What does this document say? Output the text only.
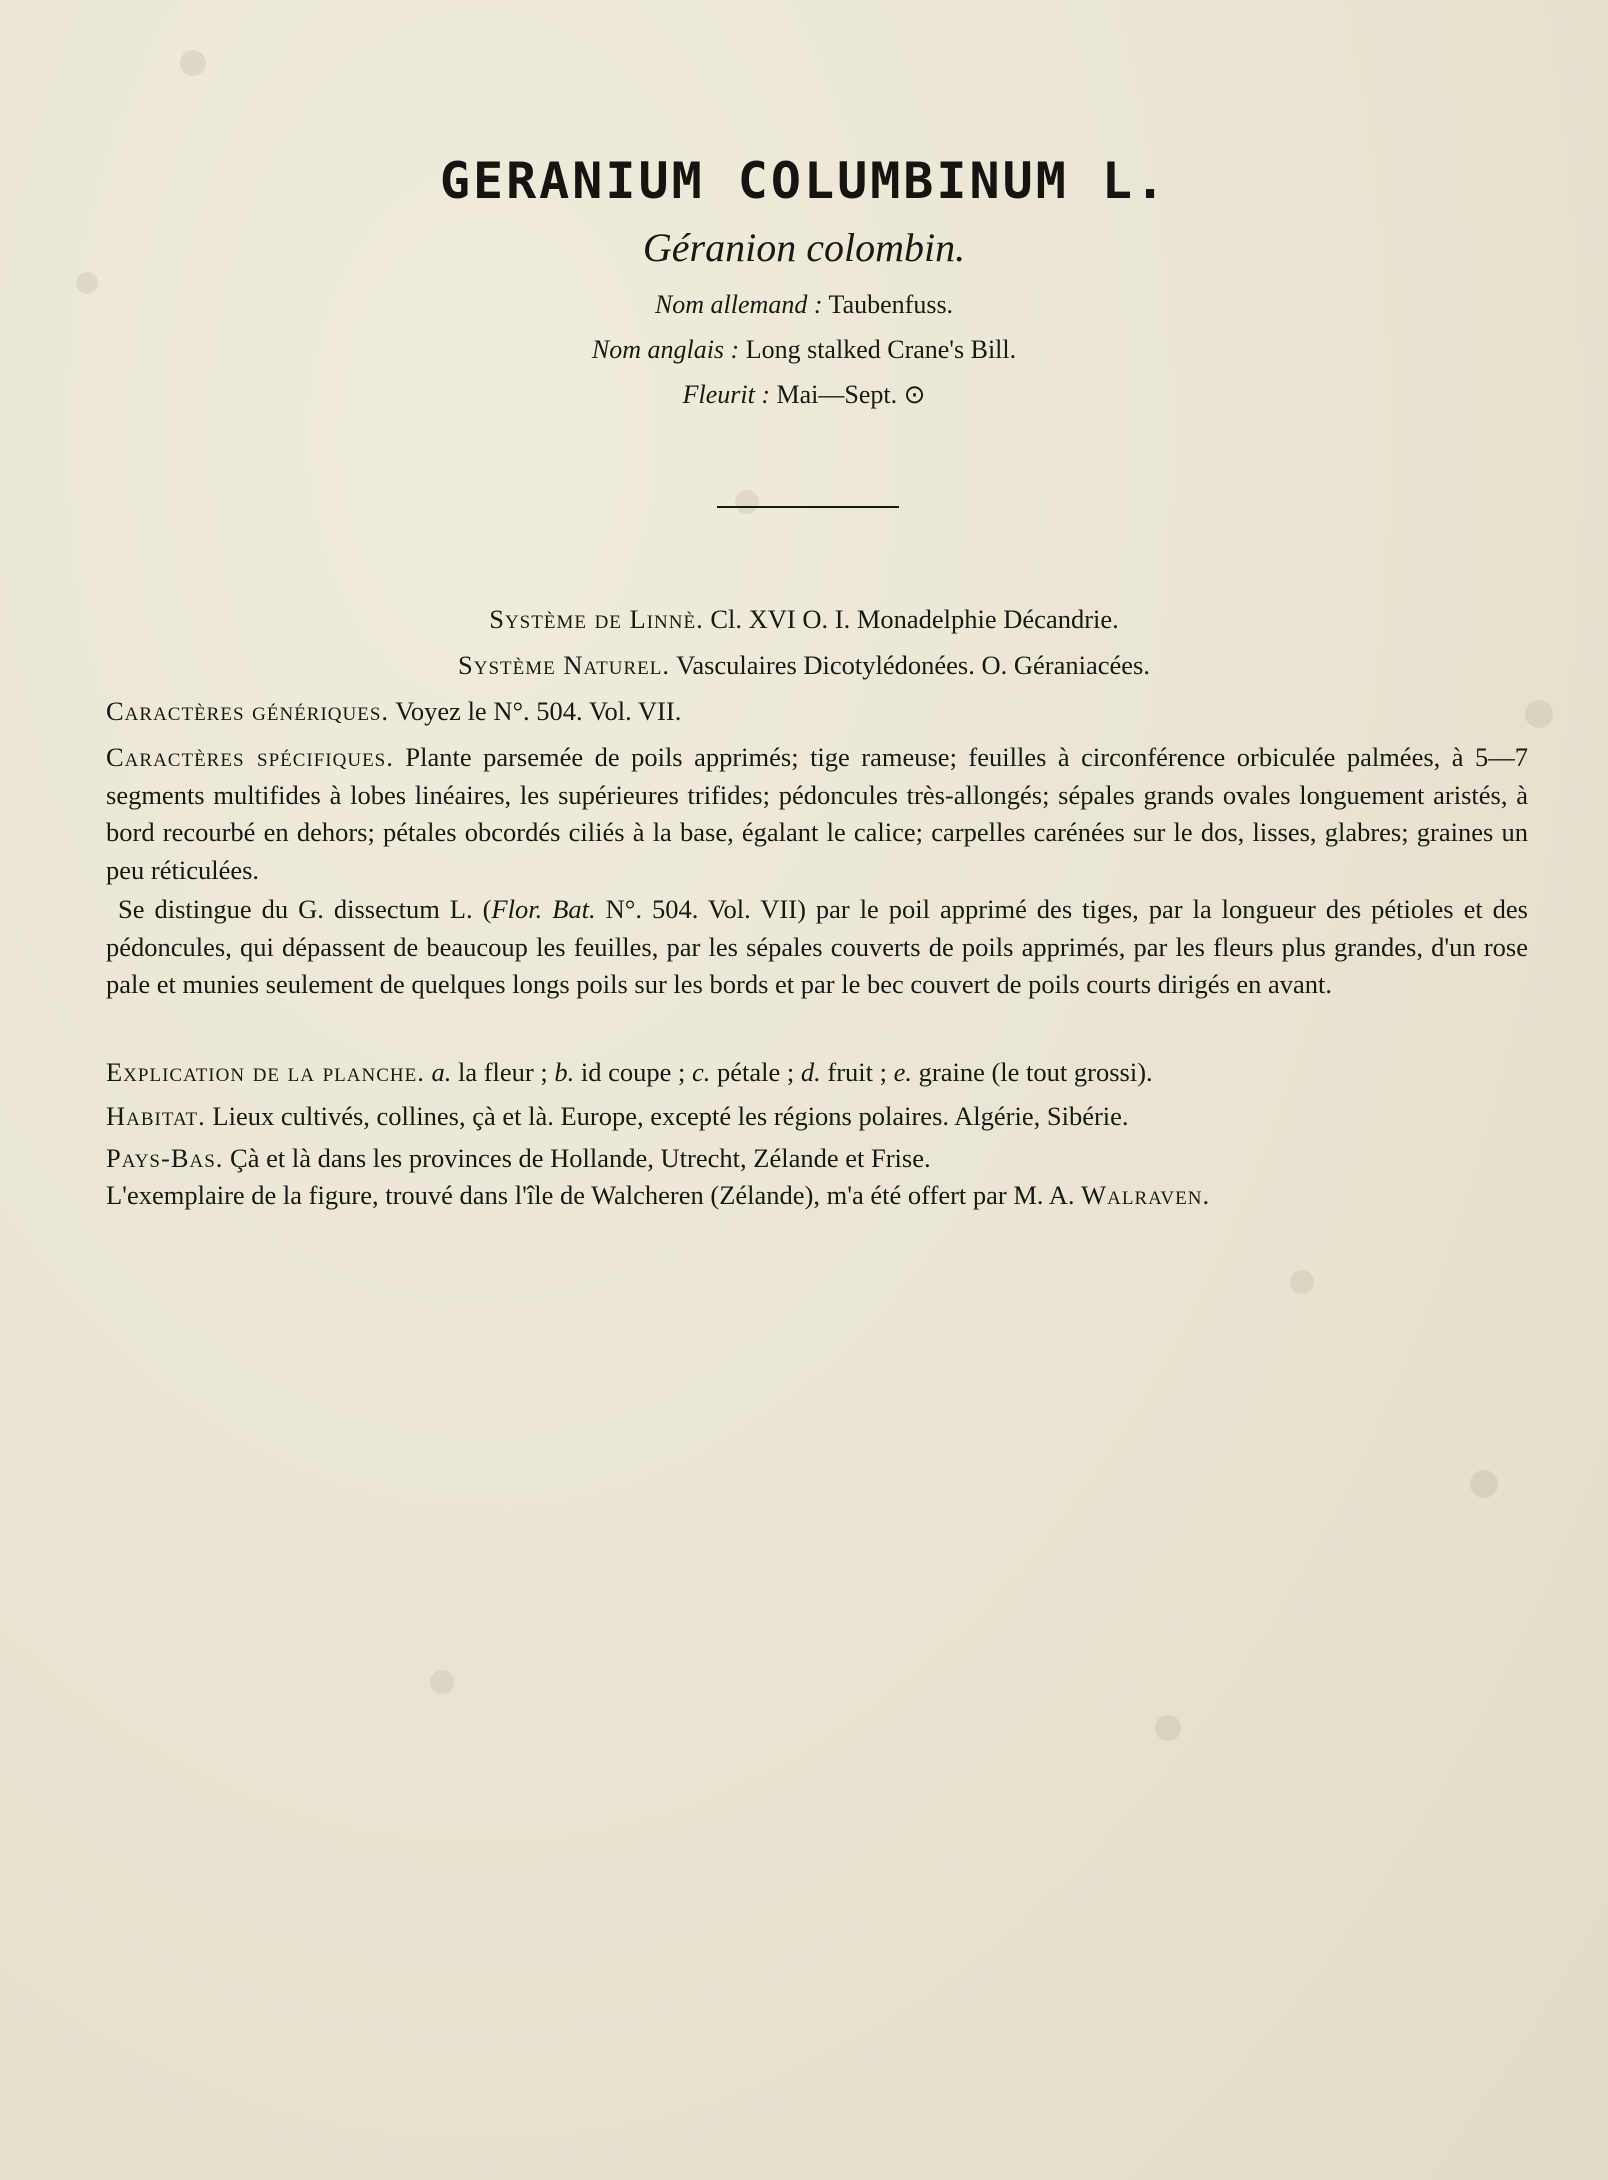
GERANIUM COLUMBINUM L.
Géranion colombin.
Nom allemand : Taubenfuss.
Nom anglais : Long stalked Crane's Bill.
Fleurit : Mai—Sept. ⊙
Système de Linnè. Cl. XVI O. I. Monadelphie Décandrie.
Système Naturel. Vasculaires Dicotylédonées. O. Géraniacées.
Caractères génériques. Voyez le N°. 504. Vol. VII.
Caractères spécifiques. Plante parsemée de poils apprimés; tige rameuse; feuilles à circonférence orbiculée palmées, à 5—7 segments multifides à lobes linéaires, les supérieures trifides; pédoncules très-allongés; sépales grands ovales longuement aristés, à bord recourbé en dehors; pétales obcordés ciliés à la base, égalant le calice; carpelles carénées sur le dos, lisses, glabres; graines un peu réticulées.
Se distingue du G. dissectum L. (Flor. Bat. N°. 504. Vol. VII) par le poil apprimé des tiges, par la longueur des pétioles et des pédoncules, qui dépassent de beaucoup les feuilles, par les sépales couverts de poils apprimés, par les fleurs plus grandes, d'un rose pale et munies seulement de quelques longs poils sur les bords et par le bec couvert de poils courts dirigés en avant.
Explication de la planche. a. la fleur ; b. id coupe ; c. pétale ; d. fruit ; e. graine (le tout grossi).
Habitat. Lieux cultivés, collines, çà et là. Europe, excepté les régions polaires. Algérie, Sibérie.
Pays-Bas. Çà et là dans les provinces de Hollande, Utrecht, Zélande et Frise.
L'exemplaire de la figure, trouvé dans l'île de Walcheren (Zélande), m'a été offert par M. A. Walraven.
